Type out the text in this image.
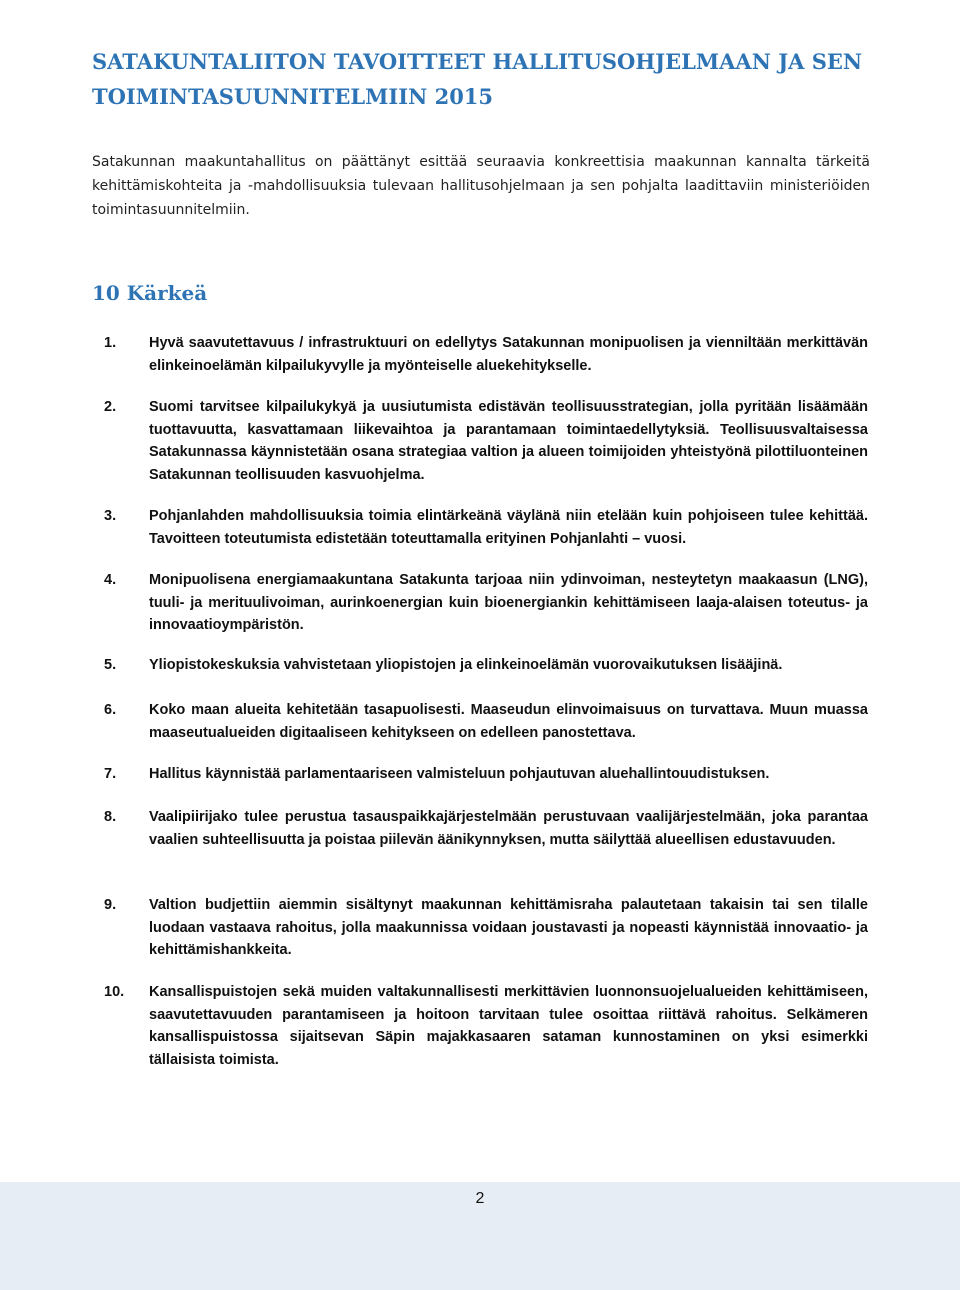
SATAKUNTALIITON TAVOITTEET HALLITUSOHJELMAAN JA SEN TOIMINTASUUNNITELMIIN 2015

Satakunnan maakuntahallitus on päättänyt esittää seuraavia konkreettisia maakunnan kannalta tärkeitä kehittämiskohteita ja -mahdollisuuksia tulevaan hallitusohjelmaan ja sen pohjalta laadittaviin ministeriöiden toimintasuunnitelmiin.

10 Kärkeä
1.	Hyvä saavutettavuus / infrastruktuuri on edellytys Satakunnan monipuolisen ja vienniltään merkittävän elinkeinoelämän kilpailukyvylle ja myönteiselle aluekehitykselle.
2.	Suomi tarvitsee kilpailukykyä ja uusiutumista edistävän teollisuusstrategian, jolla pyritään lisäämään tuottavuutta, kasvattamaan liikevaihtoa ja parantamaan toimintaedellytyksiä. Teollisuusvaltaisessa Satakunnassa käynnistetään osana strategiaa valtion ja alueen toimijoiden yhteistyönä pilottiluonteinen Satakunnan teollisuuden kasvuohjelma.
3.	Pohjanlahden mahdollisuuksia toimia elintärkeänä väylänä niin etelään kuin pohjoiseen tulee kehittää. Tavoitteen toteutumista edistetään toteuttamalla erityinen Pohjanlahti – vuosi.
4.	Monipuolisena energiamaakuntana Satakunta tarjoaa niin ydinvoiman, nesteytetyn maakaasun (LNG), tuuli- ja merituulivoiman, aurinkoenergian kuin bioenergiankin kehittämiseen laaja-alaisen toteutus- ja innovaatioympäristön.
5.	Yliopistokeskuksia vahvistetaan yliopistojen ja elinkeinoelämän vuorovaikutuksen lisääjinä.
6.	Koko maan alueita kehitetään tasapuolisesti. Maaseudun elinvoimaisuus on turvattava. Muun muassa maaseutualueiden digitaaliseen kehitykseen on edelleen panostettava.
7.	Hallitus käynnistää parlamentaariseen valmisteluun pohjautuvan aluehallintouudistuksen.
8.	Vaalipiirijako tulee perustua tasauspaikkajärjestelmään perustuvaan vaalijärjestelmään, joka parantaa vaalien suhteellisuutta ja poistaa piilevän äänikynnyksen, mutta säilyttää alueellisen edustavuuden.
9.	Valtion budjettiin aiemmin sisältynyt maakunnan kehittämisraha palautetaan takaisin tai sen tilalle luodaan vastaava rahoitus, jolla maakunnissa voidaan joustavasti ja nopeasti käynnistää innovaatio- ja kehittämishankkeita.
10.	Kansallispuistojen sekä muiden valtakunnallisesti merkittävien luonnonsuojelualueiden kehittämiseen, saavutettavuuden parantamiseen ja hoitoon tarvitaan tulee osoittaa riittävä rahoitus. Selkämeren kansallispuistossa sijaitsevan Säpin majakkasaaren sataman kunnostaminen on yksi esimerkki tällaisista toimista.
2
